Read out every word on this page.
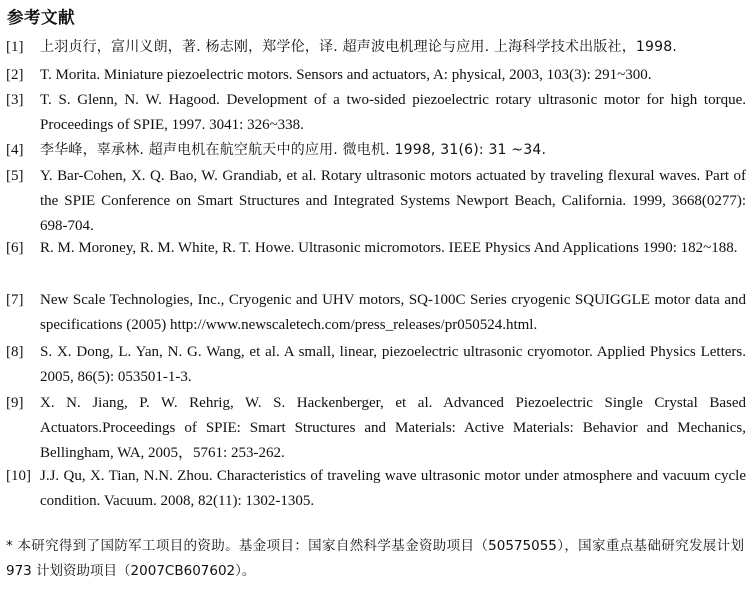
参考文献
[1]	上羽贞行，富川义朗，著. 杨志刚，郑学伦，译. 超声波电机理论与应用. 上海科学技术出版社，1998.
[2]	T. Morita. Miniature piezoelectric motors. Sensors and actuators, A: physical, 2003, 103(3): 291~300.
[3]	T. S. Glenn, N. W. Hagood. Development of a two-sided piezoelectric rotary ultrasonic motor for high torque. Proceedings of SPIE, 1997. 3041: 326~338.
[4]	李华峰，辜承林. 超声电机在航空航天中的应用. 微电机. 1998, 31(6): 31 ~34.
[5]	Y. Bar-Cohen, X. Q. Bao, W. Grandiab, et al. Rotary ultrasonic motors actuated by traveling flexural waves. Part of the SPIE Conference on Smart Structures and Integrated Systems Newport Beach, California. 1999, 3668(0277): 698-704.
[6]	R. M. Moroney, R. M. White, R. T. Howe. Ultrasonic micromotors. IEEE Physics And Applications 1990: 182~188.
[7]	New Scale Technologies, Inc., Cryogenic and UHV motors, SQ-100C Series cryogenic SQUIGGLE motor data and specifications (2005) http://www.newscaletech.com/press_releases/pr050524.html.
[8]	S. X. Dong, L. Yan, N. G. Wang, et al. A small, linear, piezoelectric ultrasonic cryomotor. Applied Physics Letters. 2005, 86(5): 053501-1-3.
[9]	X. N. Jiang, P. W. Rehrig, W. S. Hackenberger, et al. Advanced Piezoelectric Single Crystal Based Actuators.Proceedings of SPIE: Smart Structures and Materials: Active Materials: Behavior and Mechanics, Bellingham, WA, 2005，5761: 253-262.
[10] J.J. Qu, X. Tian, N.N. Zhou. Characteristics of traveling wave ultrasonic motor under atmosphere and vacuum cycle condition. Vacuum. 2008, 82(11): 1302-1305.
* 本研究得到了国防军工项目的资助。基金项目：国家自然科学基金资助项目（50575055），国家重点基础研究发展计划 973 计划资助项目（2007CB607602）。
